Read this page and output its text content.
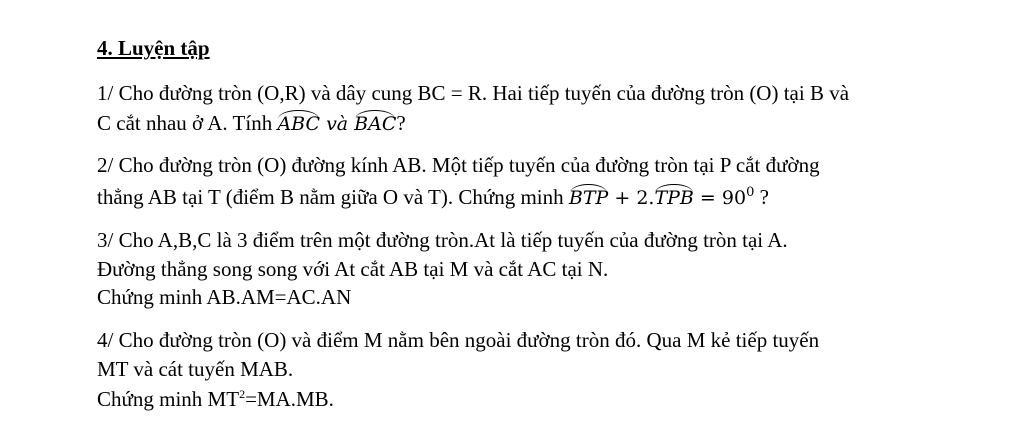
4. Luyện tập
1/ Cho đường tròn (O,R) và dây cung BC = R. Hai tiếp tuyến của đường tròn (O) tại B và
C cắt nhau ở A. Tính ABC và BAC?
2/ Cho đường tròn (O) đường kính AB. Một tiếp tuyến của đường tròn tại P cắt đường
thẳng AB tại T (điểm B nằm giữa O và T). Chứng minh BTP + $2.TPB = 90^0$ ?
3/ Cho A,B,C là 3 điểm trên một đường tròn.At là tiếp tuyến của đường tròn tại A.
Đường thẳng song song với At cắt AB tại M và cắt AC tại N.
Chứng minh AB.AM=AC.AN
4/ Cho đường tròn (O) và điểm M nằm bên ngoài đường tròn đó. Qua M kẻ tiếp tuyến
MT và cát tuyến MAB.
Chứng minh $MT^2=MA.MB$.
